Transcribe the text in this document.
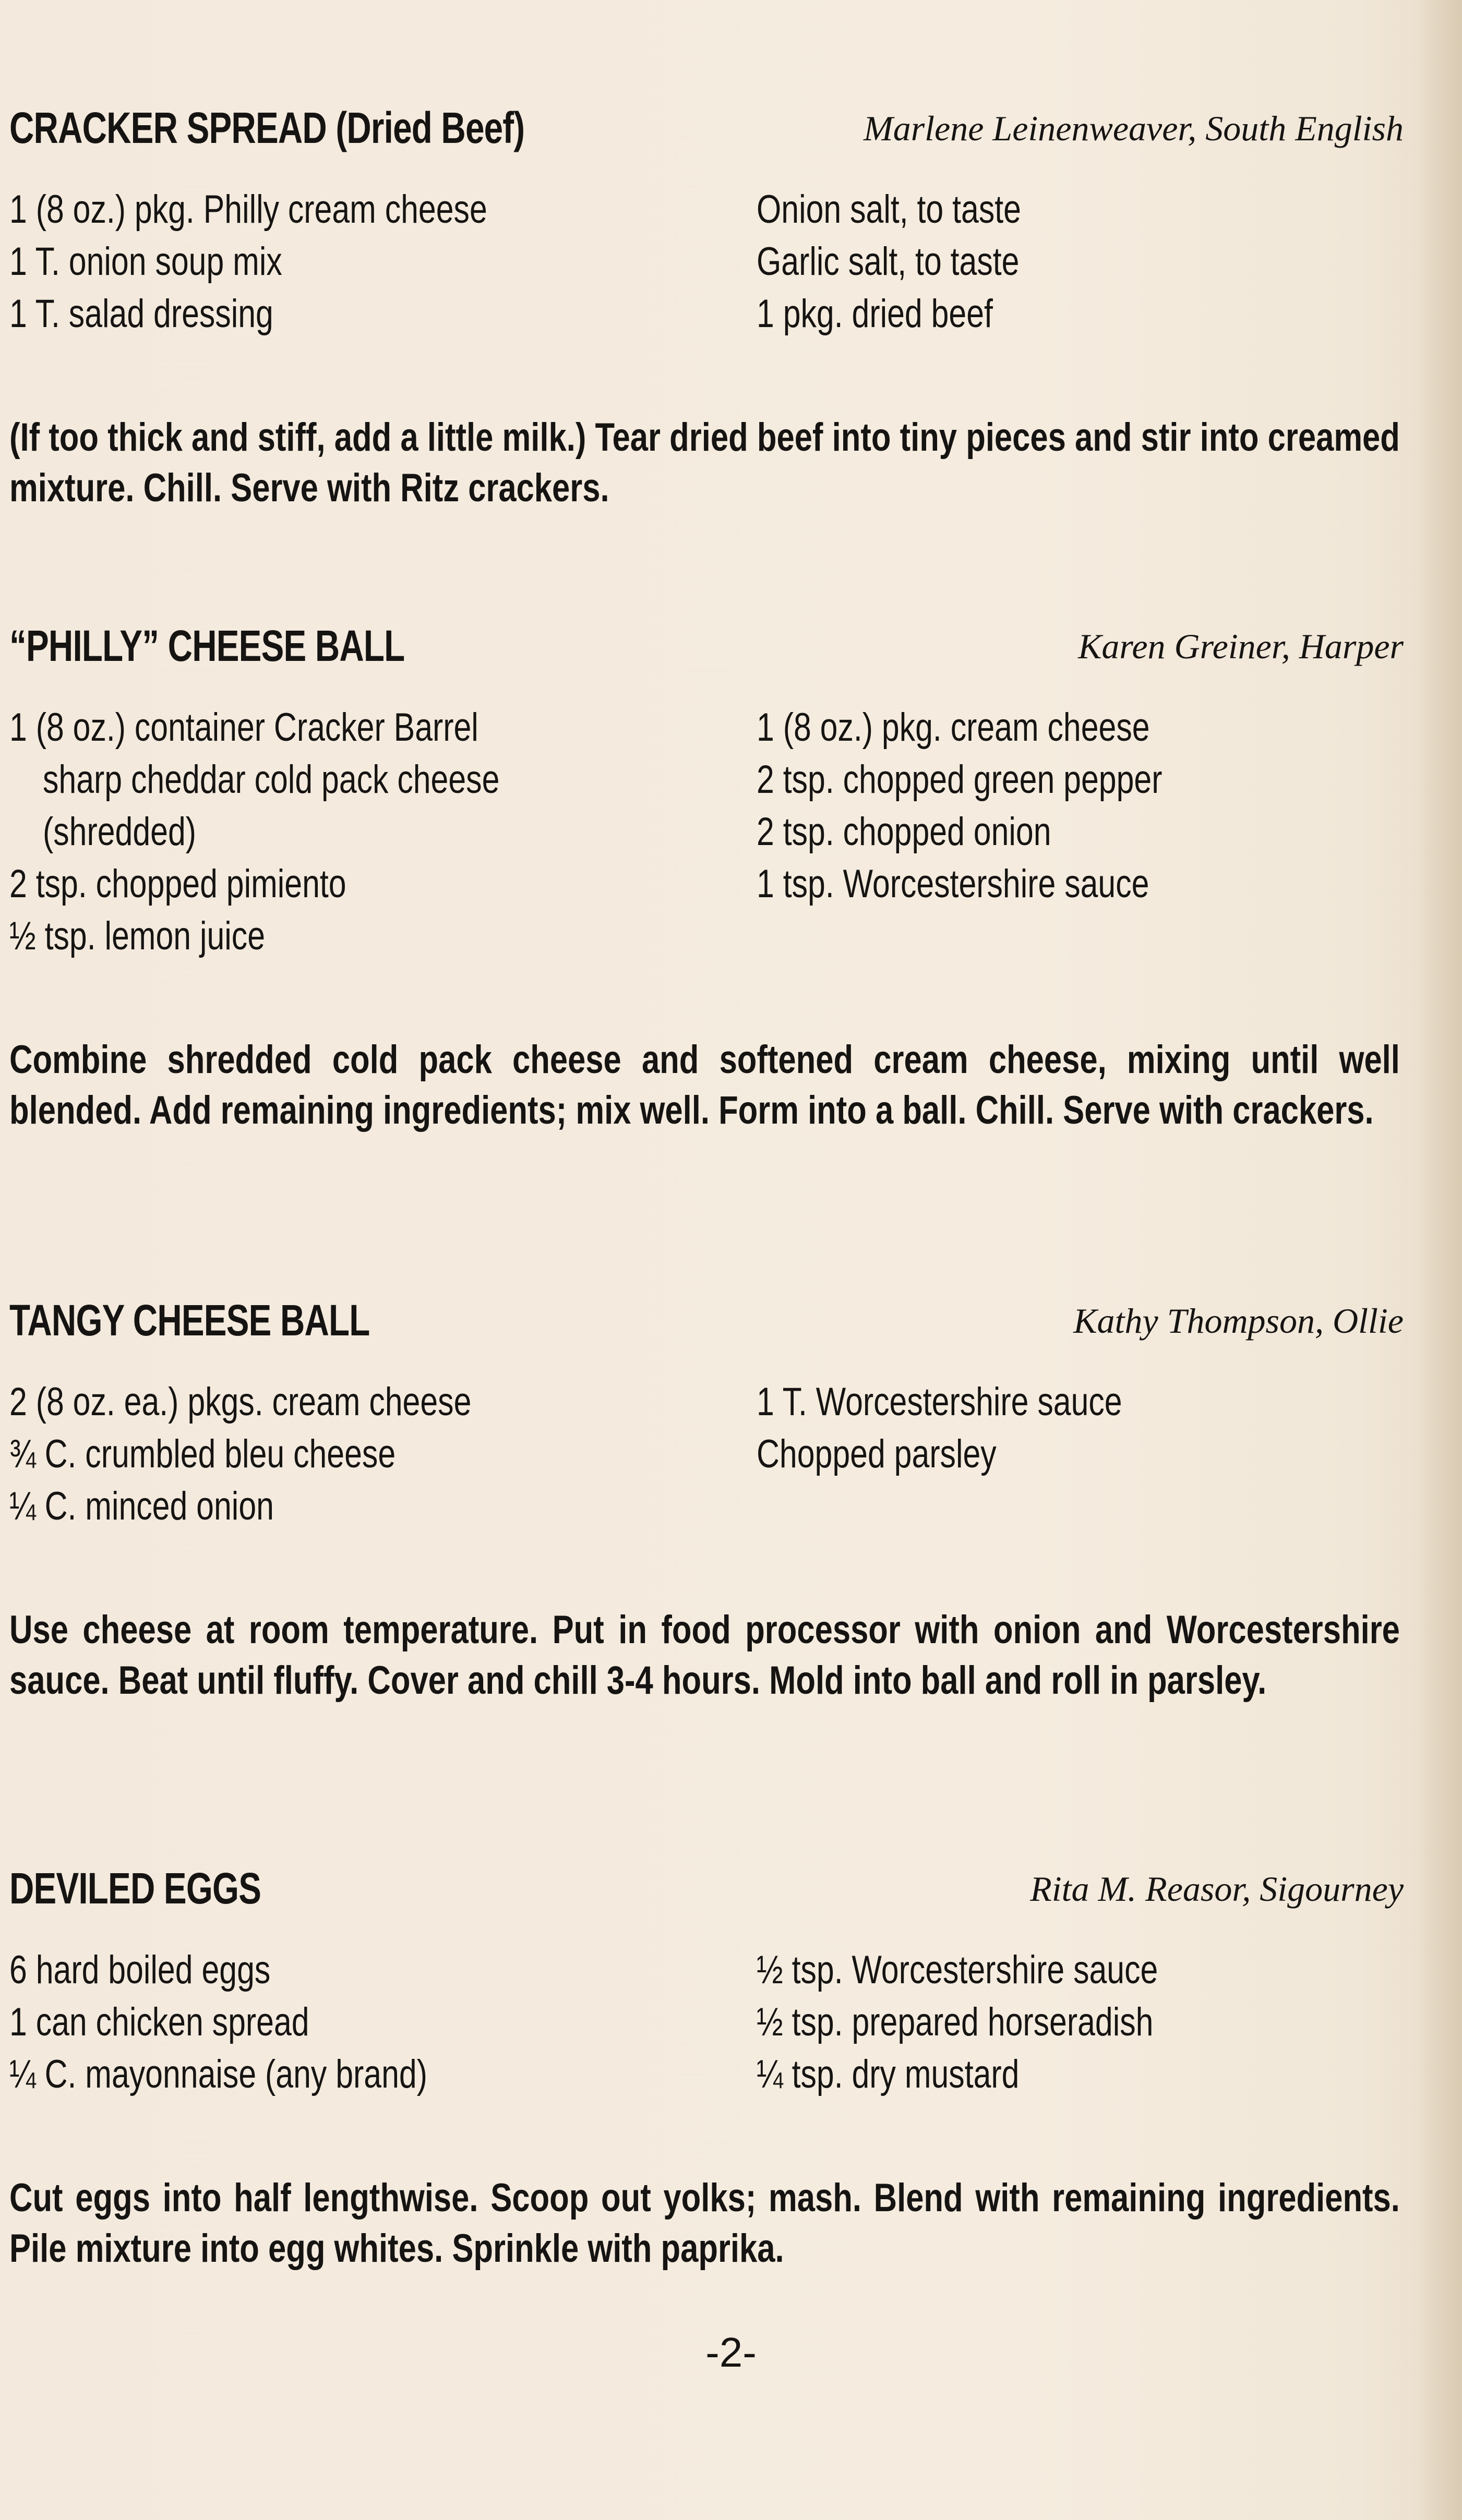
CRACKER SPREAD (Dried Beef)	Marlene Leinenweaver, South English
1 (8 oz.) pkg. Philly cream cheese
1 T. onion soup mix
1 T. salad dressing
Onion salt, to taste
Garlic salt, to taste
1 pkg. dried beef
(If too thick and stiff, add a little milk.) Tear dried beef into tiny pieces and stir into creamed mixture. Chill. Serve with Ritz crackers.
“PHILLY” CHEESE BALL	Karen Greiner, Harper
1 (8 oz.) container Cracker Barrel
sharp cheddar cold pack cheese
(shredded)
2 tsp. chopped pimiento
½ tsp. lemon juice
1 (8 oz.) pkg. cream cheese
2 tsp. chopped green pepper
2 tsp. chopped onion
1 tsp. Worcestershire sauce
Combine shredded cold pack cheese and softened cream cheese, mixing until well blended. Add remaining ingredients; mix well. Form into a ball. Chill. Serve with crackers.
TANGY CHEESE BALL	Kathy Thompson, Ollie
2 (8 oz. ea.) pkgs. cream cheese
¾ C. crumbled bleu cheese
¼ C. minced onion
1 T. Worcestershire sauce
Chopped parsley
Use cheese at room temperature. Put in food processor with onion and Worcestershire sauce. Beat until fluffy. Cover and chill 3-4 hours. Mold into ball and roll in parsley.
DEVILED EGGS	Rita M. Reasor, Sigourney
6 hard boiled eggs
1 can chicken spread
¼ C. mayonnaise (any brand)
½ tsp. Worcestershire sauce
½ tsp. prepared horseradish
¼ tsp. dry mustard
Cut eggs into half lengthwise. Scoop out yolks; mash. Blend with remaining ingredients. Pile mixture into egg whites. Sprinkle with paprika.
-2-
